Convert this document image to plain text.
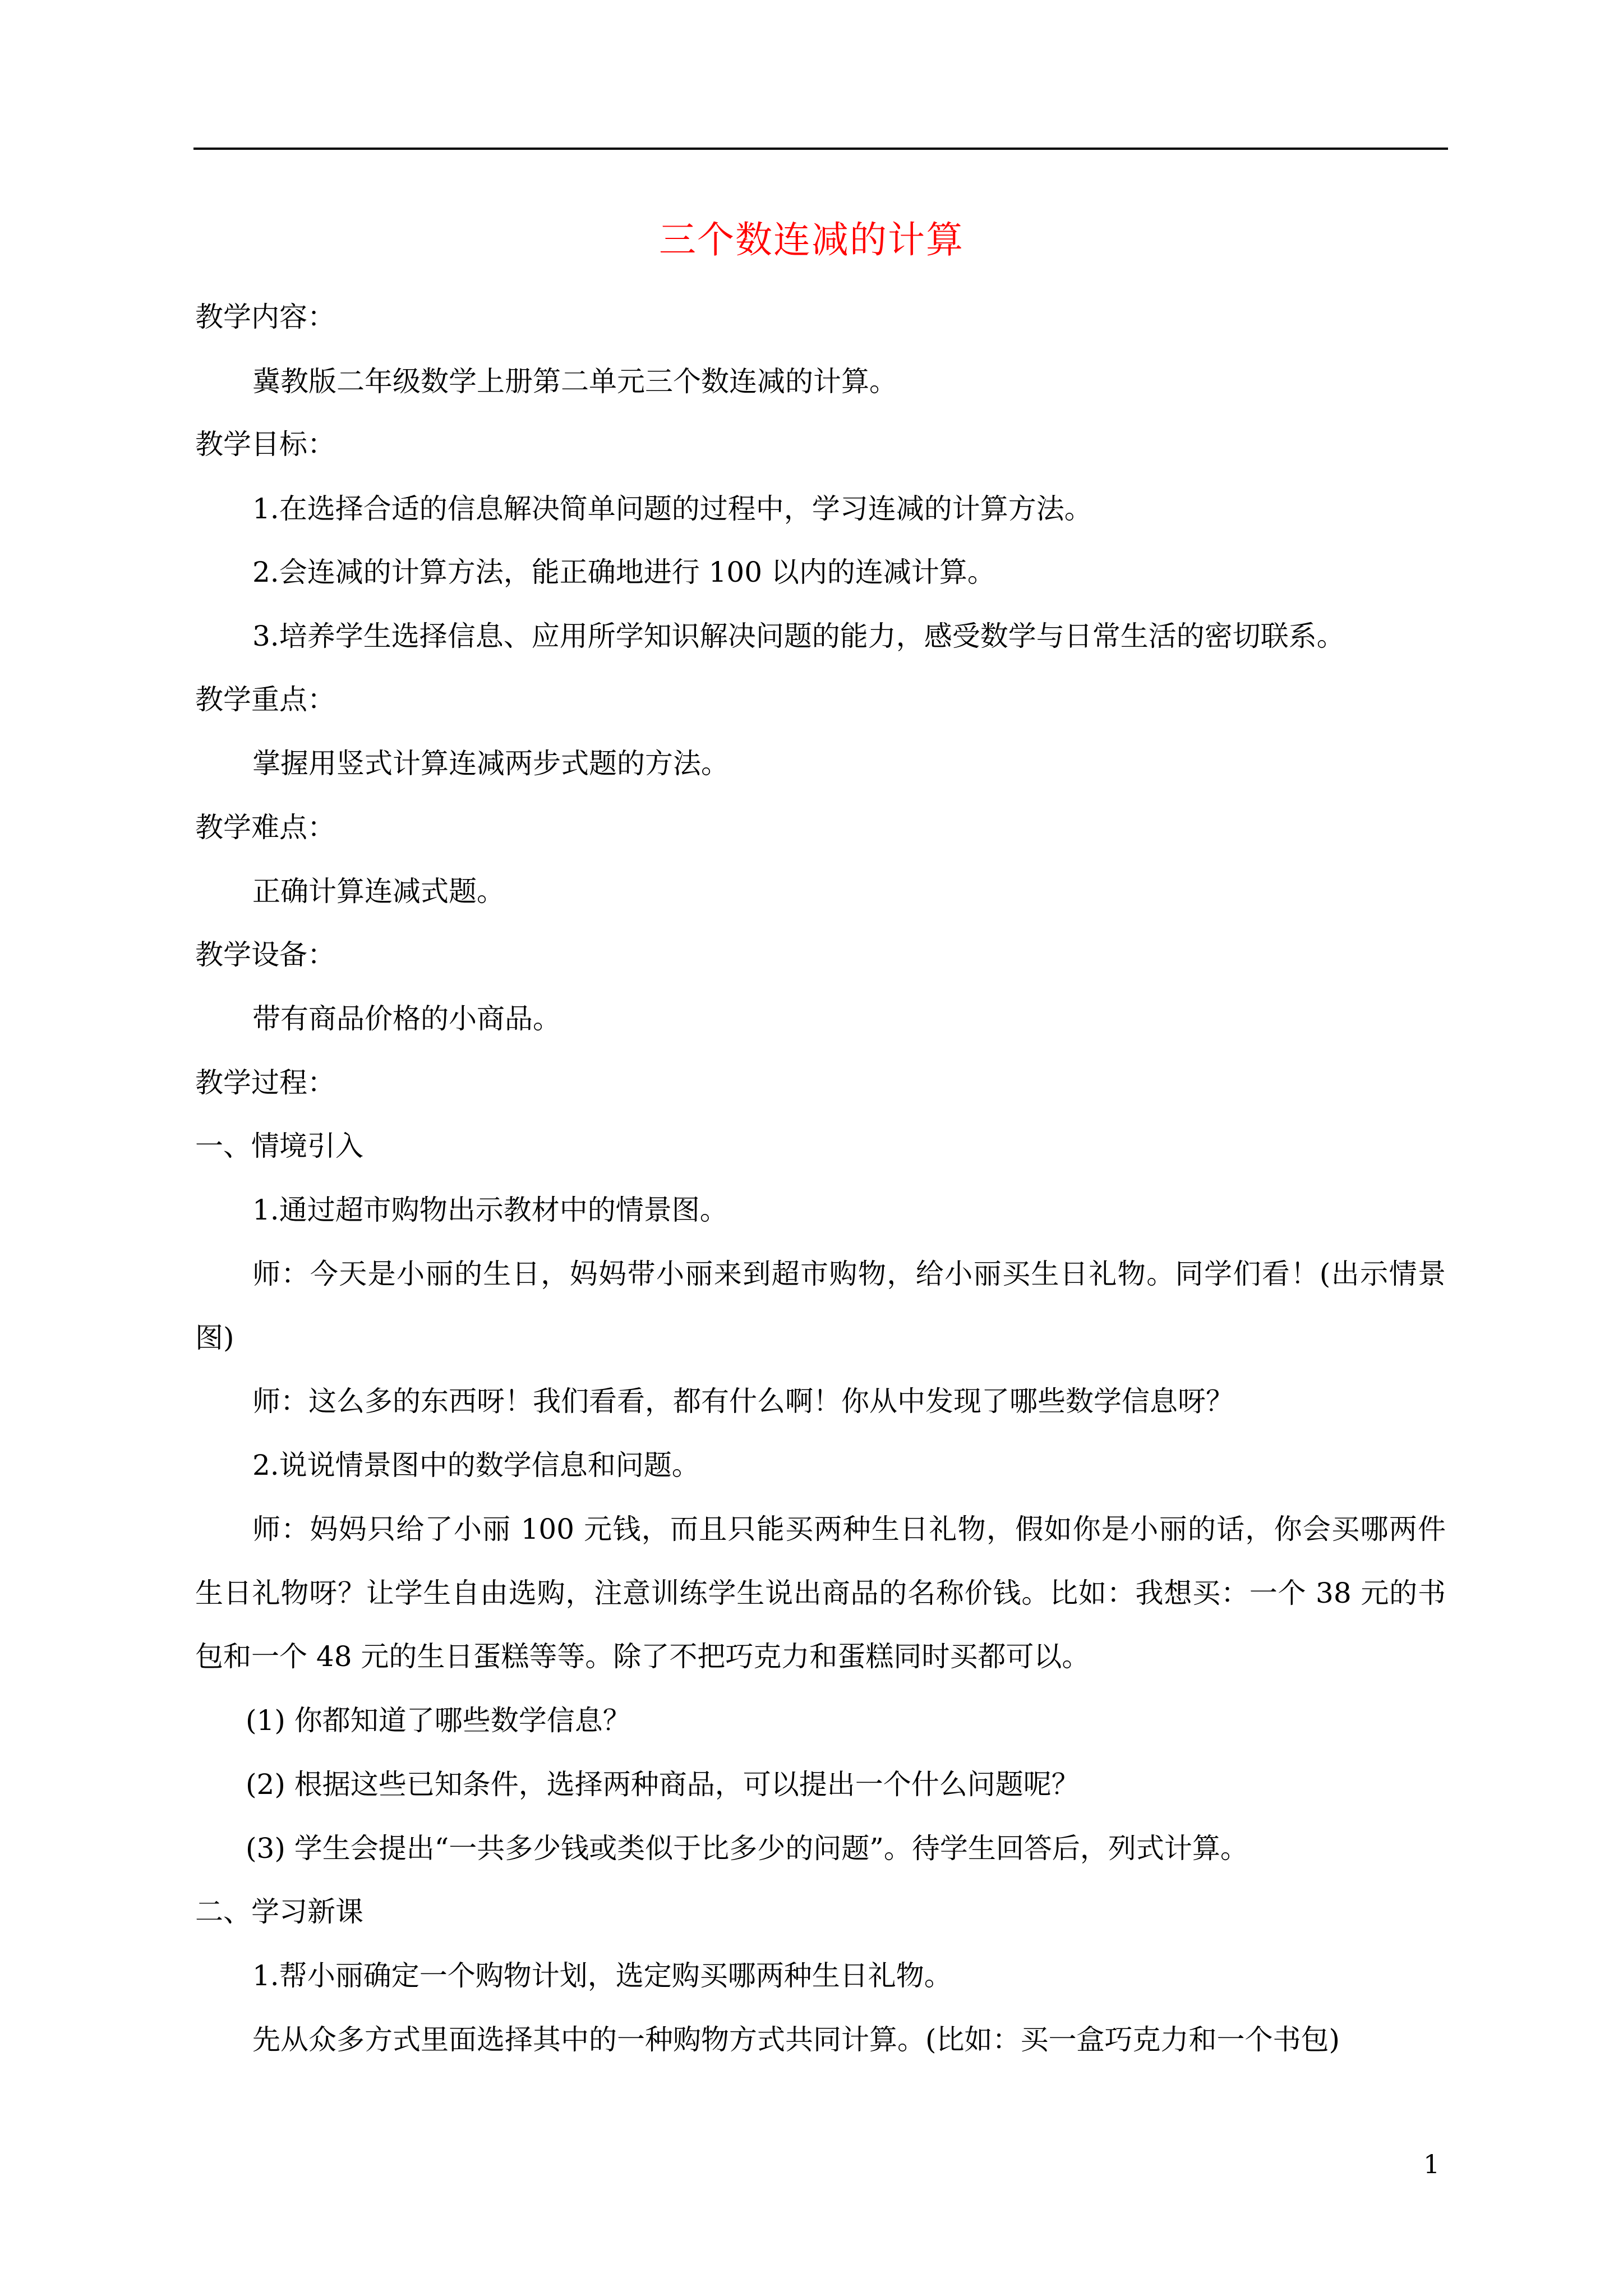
三个数连减的计算
教学内容：
冀教版二年级数学上册第二单元三个数连减的计算。
教学目标：
1.在选择合适的信息解决简单问题的过程中，学习连减的计算方法。
2.会连减的计算方法，能正确地进行 100 以内的连减计算。
3.培养学生选择信息、应用所学知识解决问题的能力，感受数学与日常生活的密切联系。
教学重点：
掌握用竖式计算连减两步式题的方法。
教学难点：
正确计算连减式题。
教学设备：
带有商品价格的小商品。
教学过程：
一、情境引入
1.通过超市购物出示教材中的情景图。
师：今天是小丽的生日，妈妈带小丽来到超市购物，给小丽买生日礼物。同学们看！(出示情景
图)
师：这么多的东西呀！我们看看，都有什么啊！你从中发现了哪些数学信息呀？
2.说说情景图中的数学信息和问题。
师：妈妈只给了小丽 100 元钱，而且只能买两种生日礼物，假如你是小丽的话，你会买哪两件
生日礼物呀？让学生自由选购，注意训练学生说出商品的名称价钱。比如：我想买：一个 38 元的书
包和一个 48 元的生日蛋糕等等。除了不把巧克力和蛋糕同时买都可以。
(1) 你都知道了哪些数学信息？
(2) 根据这些已知条件，选择两种商品，可以提出一个什么问题呢？
(3) 学生会提出“一共多少钱或类似于比多少的问题”。待学生回答后，列式计算。
二、学习新课
1.帮小丽确定一个购物计划，选定购买哪两种生日礼物。
先从众多方式里面选择其中的一种购物方式共同计算。(比如：买一盒巧克力和一个书包)
1
